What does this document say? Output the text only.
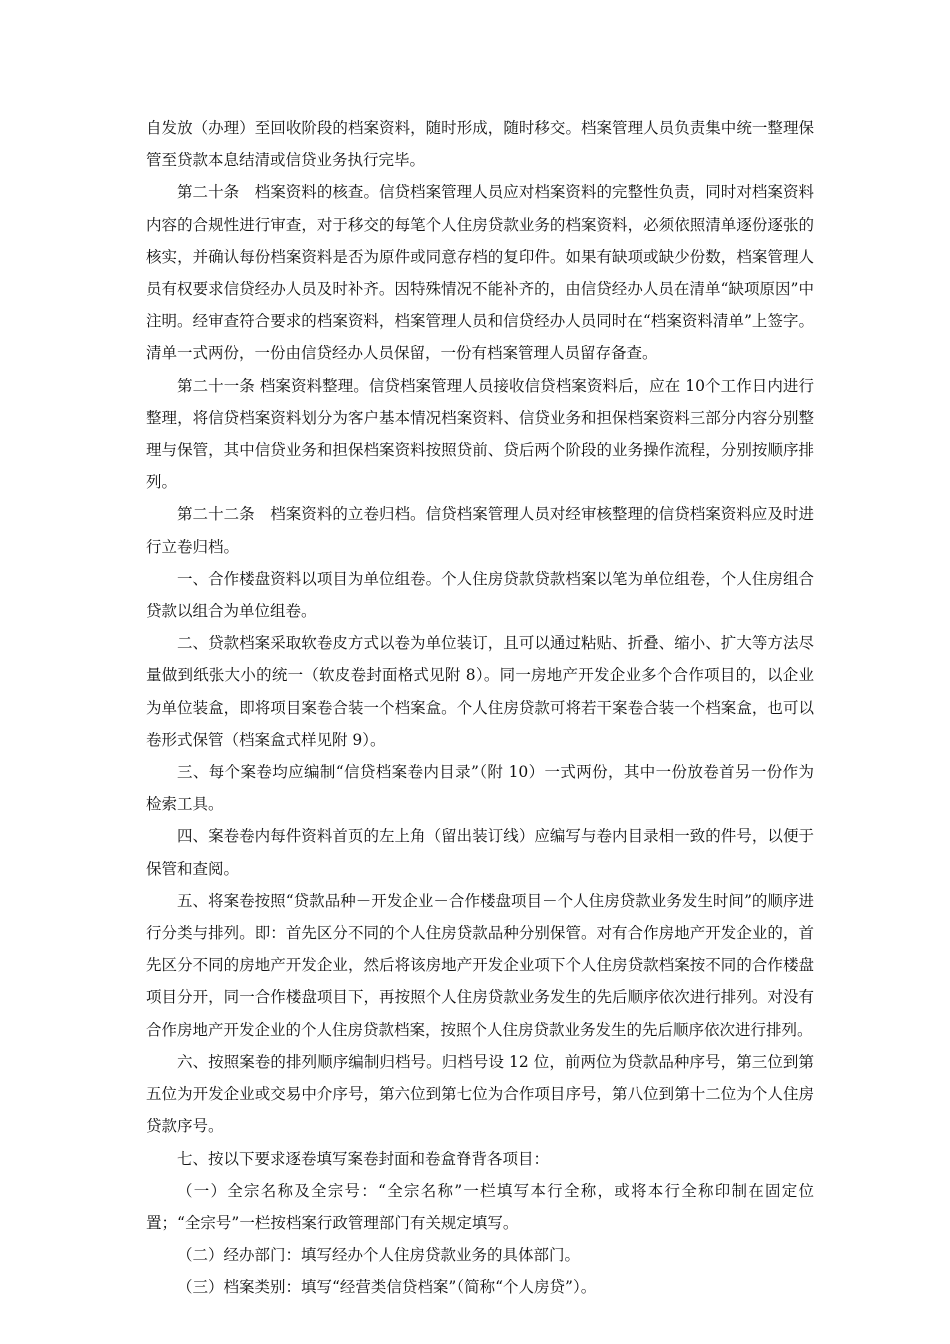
自发放（办理）至回收阶段的档案资料，随时形成，随时移交。档案管理人员负责集中统一整理保管至贷款本息结清或信贷业务执行完毕。

第二十条　档案资料的核查。信贷档案管理人员应对档案资料的完整性负责，同时对档案资料内容的合规性进行审查，对于移交的每笔个人住房贷款业务的档案资料，必须依照清单逐份逐张的核实，并确认每份档案资料是否为原件或同意存档的复印件。如果有缺项或缺少份数，档案管理人员有权要求信贷经办人员及时补齐。因特殊情况不能补齐的，由信贷经办人员在清单“缺项原因”中注明。经审查符合要求的档案资料，档案管理人员和信贷经办人员同时在“档案资料清单”上签字。清单一式两份，一份由信贷经办人员保留，一份有档案管理人员留存备查。

第二十一条 档案资料整理。信贷档案管理人员接收信贷档案资料后，应在 10个工作日内进行整理，将信贷档案资料划分为客户基本情况档案资料、信贷业务和担保档案资料三部分内容分别整理与保管，其中信贷业务和担保档案资料按照贷前、贷后两个阶段的业务操作流程，分别按顺序排列。

第二十二条　档案资料的立卷归档。信贷档案管理人员对经审核整理的信贷档案资料应及时进行立卷归档。

一、合作楼盘资料以项目为单位组卷。个人住房贷款贷款档案以笔为单位组卷，个人住房组合贷款以组合为单位组卷。

二、贷款档案采取软卷皮方式以卷为单位装订，且可以通过粘贴、折叠、缩小、扩大等方法尽量做到纸张大小的统一（软皮卷封面格式见附 8）。同一房地产开发企业多个合作项目的，以企业为单位装盒，即将项目案卷合装一个档案盒。个人住房贷款可将若干案卷合装一个档案盒，也可以卷形式保管（档案盒式样见附 9）。

三、每个案卷均应编制“信贷档案卷内目录”（附 10）一式两份，其中一份放卷首另一份作为检索工具。

四、案卷卷内每件资料首页的左上角（留出装订线）应编写与卷内目录相一致的件号，以便于保管和查阅。

五、将案卷按照“贷款品种－开发企业－合作楼盘项目－个人住房贷款业务发生时间”的顺序进行分类与排列。即：首先区分不同的个人住房贷款品种分别保管。对有合作房地产开发企业的，首先区分不同的房地产开发企业，然后将该房地产开发企业项下个人住房贷款档案按不同的合作楼盘项目分开，同一合作楼盘项目下，再按照个人住房贷款业务发生的先后顺序依次进行排列。对没有合作房地产开发企业的个人住房贷款档案，按照个人住房贷款业务发生的先后顺序依次进行排列。

六、按照案卷的排列顺序编制归档号。归档号设 12 位，前两位为贷款品种序号，第三位到第五位为开发企业或交易中介序号，第六位到第七位为合作项目序号，第八位到第十二位为个人住房贷款序号。

七、按以下要求逐卷填写案卷封面和卷盒脊背各项目：

（一）全宗名称及全宗号：“全宗名称”一栏填写本行全称，或将本行全称印制在固定位置；“全宗号”一栏按档案行政管理部门有关规定填写。

（二）经办部门：填写经办个人住房贷款业务的具体部门。

（三）档案类别：填写“经营类信贷档案”（简称“个人房贷”）。
